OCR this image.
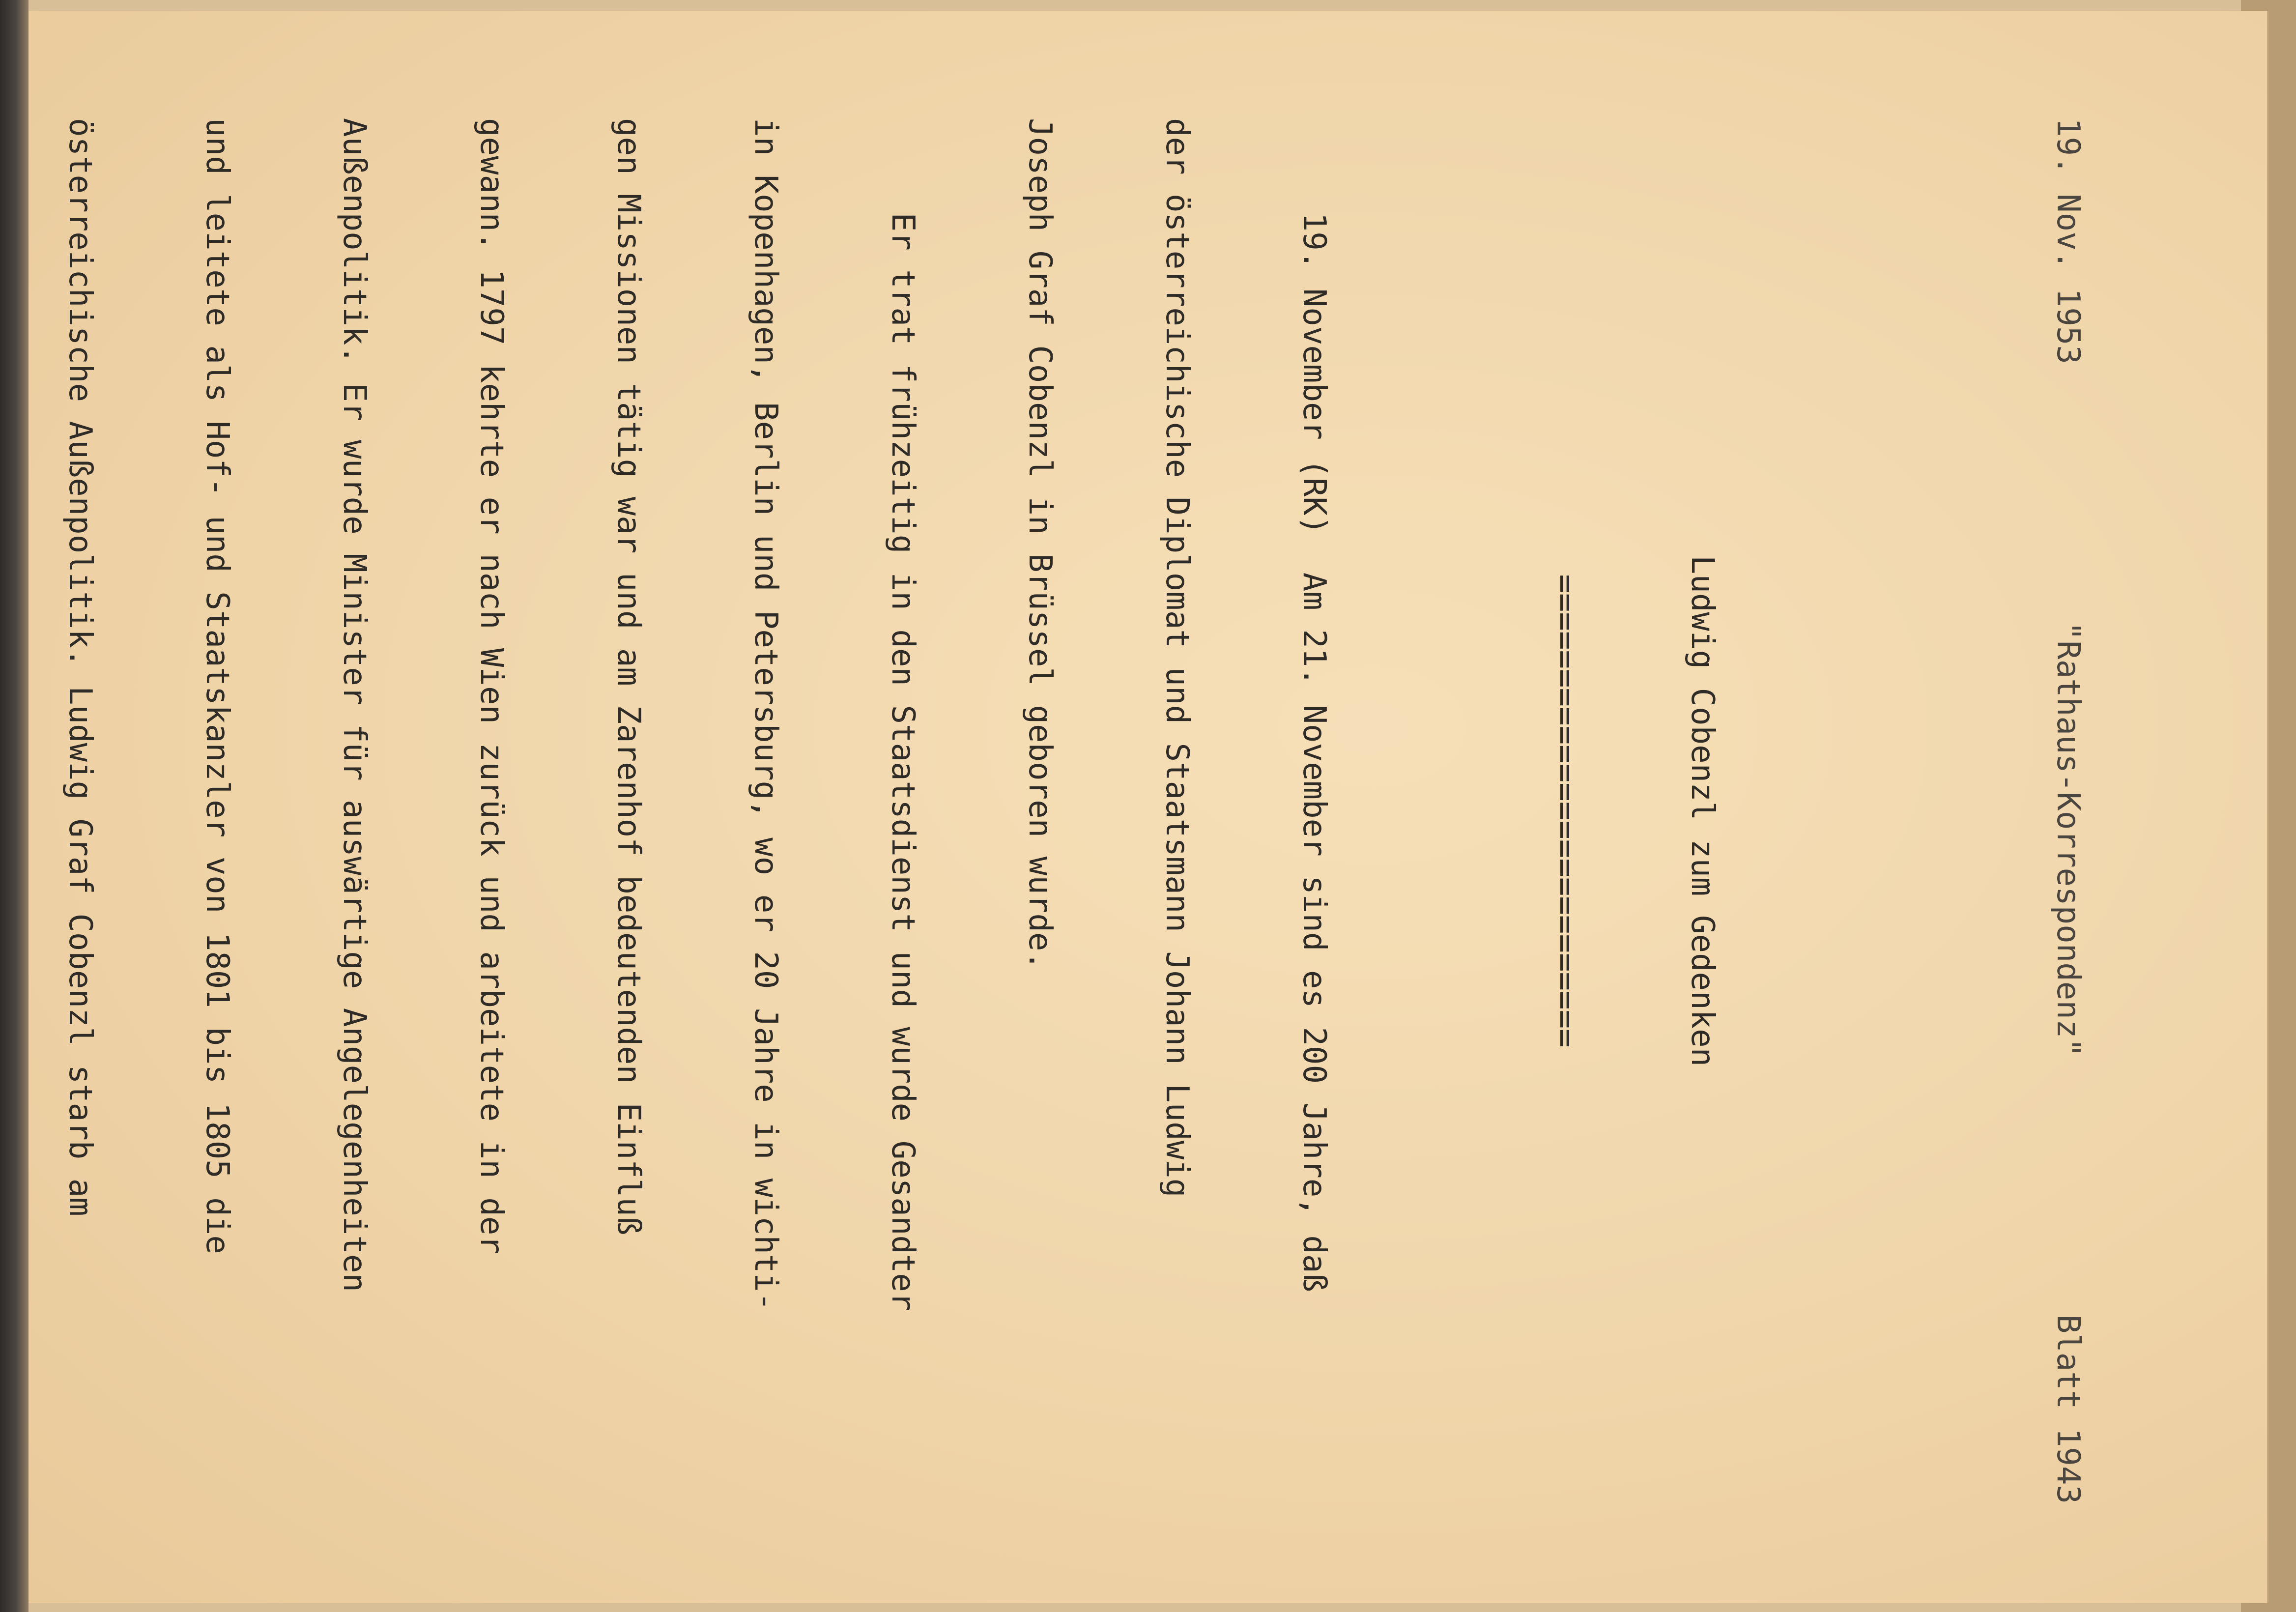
19. Nov. 1953
"Rathaus-Korrespondenz"
Blatt 1943

Ludwig Cobenzl zum Gedenken

=========================

19. November (RK)  Am 21. November sind es 200 Jahre, daß

der österreichische Diplomat und Staatsmann Johann Ludwig

Joseph Graf Cobenzl in Brüssel geboren wurde.

Er trat frühzeitig in den Staatsdienst und wurde Gesandter

in Kopenhagen, Berlin und Petersburg, wo er 20 Jahre in wichti-

gen Missionen tätig war und am Zarenhof bedeutenden Einfluß

gewann. 1797 kehrte er nach Wien zurück und arbeitete in der

Außenpolitik. Er wurde Minister für auswärtige Angelegenheiten

und leitete als Hof- und Staatskanzler von 1801 bis 1805 die

österreichische Außenpolitik. Ludwig Graf Cobenzl starb am
